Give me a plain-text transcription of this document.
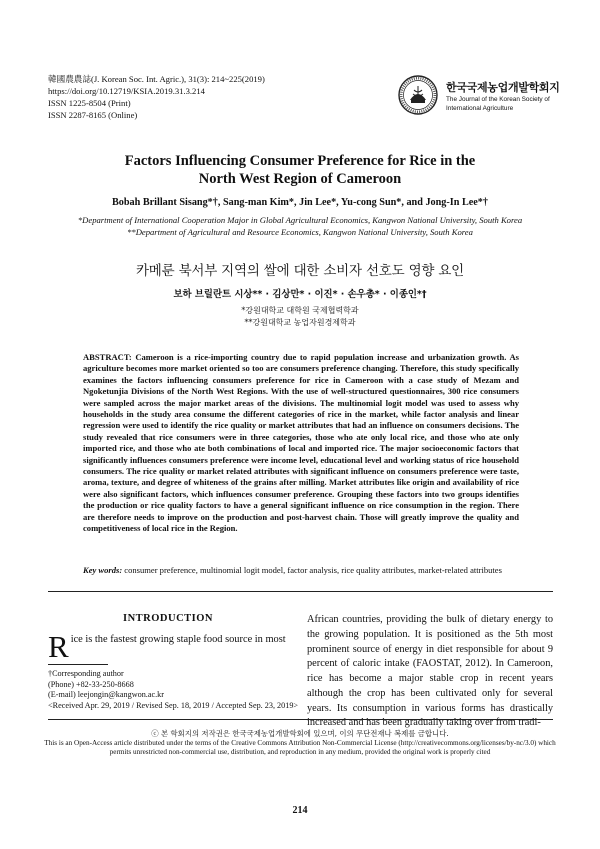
韓國農農誌(J. Korean Soc. Int. Agric.), 31(3): 214~225(2019)
https://doi.org/10.12719/KSIA.2019.31.3.214
ISSN 1225-8504 (Print)
ISSN 2287-8165 (Online)
한국국제농업개발학회지
The Journal of the Korean Society of International Agriculture
Factors Influencing Consumer Preference for Rice in the
North West Region of Cameroon
Bobah Brillant Sisang*†, Sang-man Kim*, Jin Lee*, Yu-cong Sun*, and Jong-In Lee*†
*Department of International Cooperation Major in Global Agricultural Economics, Kangwon National University, South Korea
**Department of Agricultural and Resource Economics, Kangwon National University, South Korea
카메룬 북서부 지역의 쌀에 대한 소비자 선호도 영향 요인
보하 브릴란트 시상** · 김상만* · 이진* · 손우총* · 이종인*†
*강원대학교 대학원 국제협력학과
**강원대학교 농업자원경제학과
ABSTRACT: Cameroon is a rice-importing country due to rapid population increase and urbanization growth. As agriculture becomes more market oriented so too are consumers preference changing. Therefore, this study specifically examines the factors influencing consumers preference for rice in Cameroon with a case study of Mezam and Ngoketunjia Divisions of the North West Regions. With the use of well-structured questionnaires, 300 rice consumers were sampled across the major market areas of the divisions. The multinomial logit model was used to assess why households in the study area consume the different categories of rice in the market, while factor analysis and linear regression were used to identify the rice quality or market attributes that had an influence on consumers decisions. The study revealed that rice consumers were in three categories, those who ate only local rice, and those who ate only imported rice, and those who ate both combinations of local and imported rice. The major socioeconomic factors that significantly influences consumers preference were income level, educational level and working status of rice household consumers. The rice quality or market related attributes with significant influence on consumers preference were taste, aroma, texture, and degree of whiteness of the grains after milling. Market attributes like origin and availability of rice were also significant factors, which influences consumer preference. Grouping these factors into two groups identifies the production or rice quality factors to have a general significant influence on rice consumption in the region. There are therefore needs to improve on the production and post-harvest chain. Those will greatly improve the quality and competitiveness of local rice in the Region.
Key words: consumer preference, multinomial logit model, factor analysis, rice quality attributes, market-related attributes
INTRODUCTION
Rice is the fastest growing staple food source in most
†Corresponding author
(Phone) +82-33-250-8668
(E-mail) leejongin@kangwon.ac.kr
<Received Apr. 29, 2019 / Revised Sep. 18, 2019 / Accepted Sep. 23, 2019>
African countries, providing the bulk of dietary energy to the growing population. It is positioned as the 5th most prominent source of energy in diet responsible for about 9 percent of caloric intake (FAOSTAT, 2012). In Cameroon, rice has become a major stable crop in recent years although the crop has been cultivated only for several years. Its consumption in various forms has drastically increased and has been gradually taking over from tradi-
ⓒ 본 학회지의 저작권은 한국국제농업개발학회에 있으며, 이의 무단전재나 복제를 금합니다.
This is an Open-Access article distributed under the terms of the Creative Commons Attribution Non-Commercial License (http://creativecommons.org/licenses/by-nc/3.0) which
permits unrestricted non-commercial use, distribution, and reproduction in any medium, provided the original work is properly cited
214
